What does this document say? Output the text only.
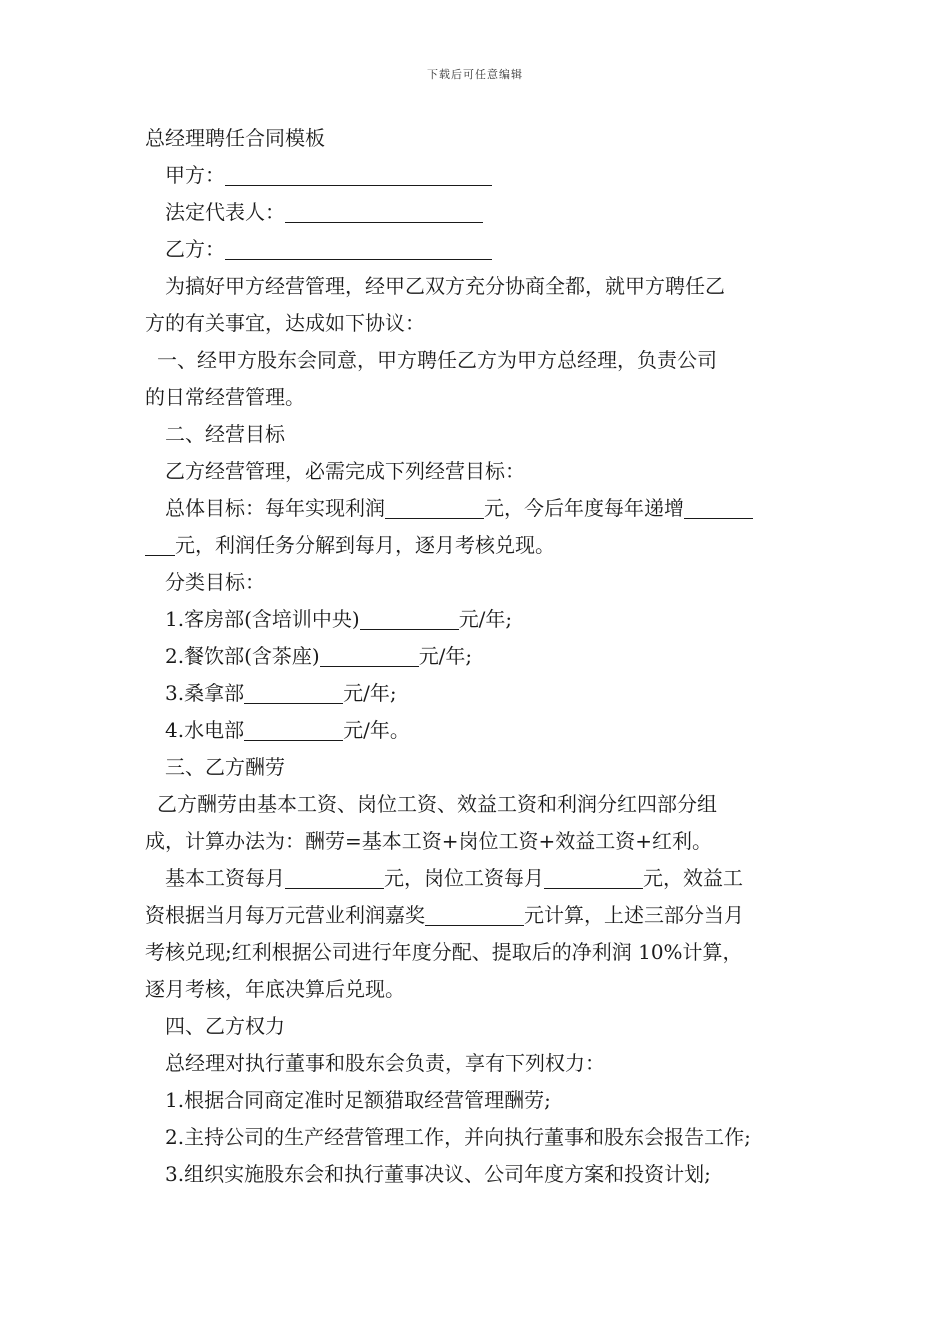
下载后可任意编辑
总经理聘任合同模板
甲方：
法定代表人：
乙方：
为搞好甲方经营管理，经甲乙双方充分协商全都，就甲方聘任乙
方的有关事宜，达成如下协议：
一、经甲方股东会同意，甲方聘任乙方为甲方总经理，负责公司
的日常经营管理。
二、经营目标
乙方经营管理，必需完成下列经营目标：
总体目标：每年实现利润	元，今后年度每年递增
元，利润任务分解到每月，逐月考核兑现。
分类目标：
1.客房部(含培训中央)	元/年;
2.餐饮部(含茶座)	元/年;
3.桑拿部	元/年;
4.水电部	元/年。
三、乙方酬劳
乙方酬劳由基本工资、岗位工资、效益工资和利润分红四部分组
成，计算办法为：酬劳=基本工资+岗位工资+效益工资+红利。
基本工资每月	元，岗位工资每月	元，效益工
资根据当月每万元营业利润嘉奖	元计算，上述三部分当月
考核兑现;红利根据公司进行年度分配、提取后的净利润 10%计算，
逐月考核，年底决算后兑现。
四、乙方权力
总经理对执行董事和股东会负责，享有下列权力：
1.根据合同商定准时足额猎取经营管理酬劳;
2.主持公司的生产经营管理工作，并向执行董事和股东会报告工作;
3.组织实施股东会和执行董事决议、公司年度方案和投资计划;
